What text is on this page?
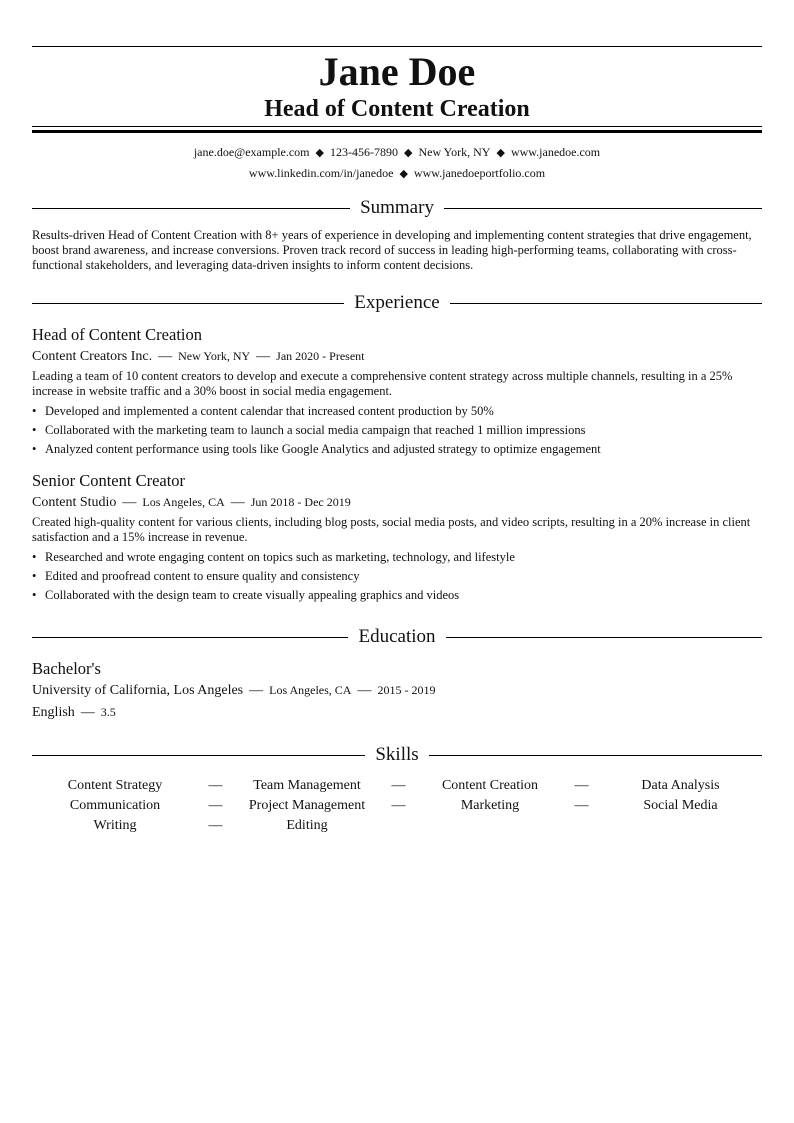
Jane Doe
Head of Content Creation
jane.doe@example.com ◆ 123-456-7890 ◆ New York, NY ◆ www.janedoe.com
www.linkedin.com/in/janedoe ◆ www.janedoeportfolio.com
Summary
Results-driven Head of Content Creation with 8+ years of experience in developing and implementing content strategies that drive engagement, boost brand awareness, and increase conversions. Proven track record of success in leading high-performing teams, collaborating with cross-functional stakeholders, and leveraging data-driven insights to inform content decisions.
Experience
Head of Content Creation
Content Creators Inc. — New York, NY — Jan 2020 - Present
Leading a team of 10 content creators to develop and execute a comprehensive content strategy across multiple channels, resulting in a 25% increase in website traffic and a 30% boost in social media engagement.
• Developed and implemented a content calendar that increased content production by 50%
• Collaborated with the marketing team to launch a social media campaign that reached 1 million impressions
• Analyzed content performance using tools like Google Analytics and adjusted strategy to optimize engagement
Senior Content Creator
Content Studio — Los Angeles, CA — Jun 2018 - Dec 2019
Created high-quality content for various clients, including blog posts, social media posts, and video scripts, resulting in a 20% increase in client satisfaction and a 15% increase in revenue.
• Researched and wrote engaging content on topics such as marketing, technology, and lifestyle
• Edited and proofread content to ensure quality and consistency
• Collaborated with the design team to create visually appealing graphics and videos
Education
Bachelor's
University of California, Los Angeles — Los Angeles, CA — 2015 - 2019
English — 3.5
Skills
Content Strategy	—	Team Management	—	Content Creation	—	Data Analysis
Communication	—	Project Management	—	Marketing	—	Social Media
Writing	—	Editing
